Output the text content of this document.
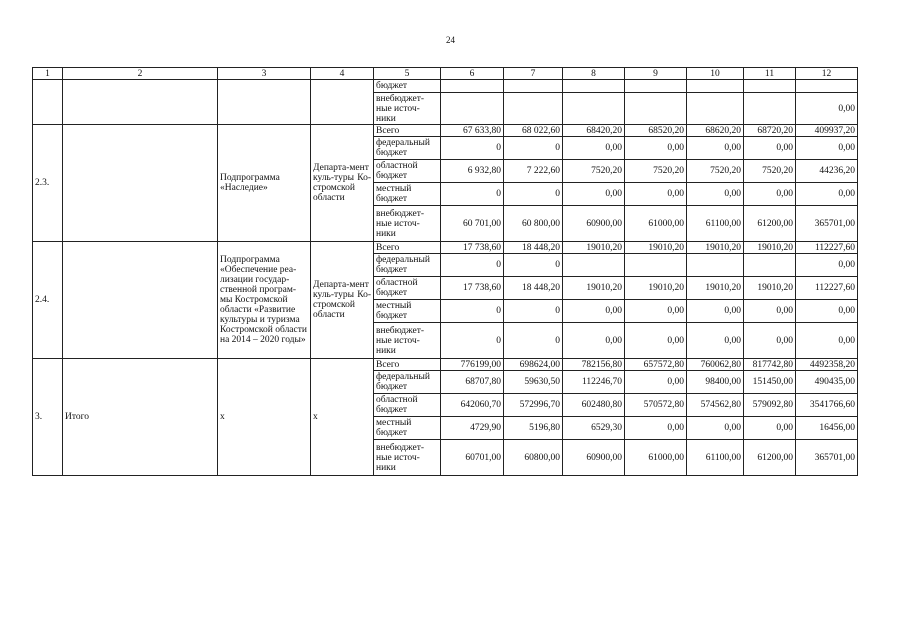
24
1	2	3	4	5	6	7	8	9	10	11	12
				бюджет							
				внебюджет-ные источ-ники							0,00
2.3.		Подпрограмма «Наследие»	Департа-мент куль-туры Ко-стромской области	Всего	67 633,80	68 022,60	68420,20	68520,20	68620,20	68720,20	409937,20
				федеральный бюджет	0	0	0,00	0,00	0,00	0,00	0,00
				областной бюджет	6 932,80	7 222,60	7520,20	7520,20	7520,20	7520,20	44236,20
				местный бюджет	0	0	0,00	0,00	0,00	0,00	0,00
				внебюджет-ные источ-ники	60 701,00	60 800,00	60900,00	61000,00	61100,00	61200,00	365701,00
2.4.		Подпрограмма «Обеспечение реа-лизации государ-ственной програм-мы Костромской области «Развитие культуры и туризма Костромской области на 2014 – 2020 годы»	Департа-мент куль-туры Ко-стромской области	Всего	17 738,60	18 448,20	19010,20	19010,20	19010,20	19010,20	112227,60
				федеральный бюджет	0	0					0,00
				областной бюджет	17 738,60	18 448,20	19010,20	19010,20	19010,20	19010,20	112227,60
				местный бюджет	0	0	0,00	0,00	0,00	0,00	0,00
				внебюджет-ные источ-ники	0	0	0,00	0,00	0,00	0,00	0,00
3.	Итого	х	х	Всего	776199,00	698624,00	782156,80	657572,80	760062,80	817742,80	4492358,20
				федеральный бюджет	68707,80	59630,50	112246,70	0,00	98400,00	151450,00	490435,00
				областной бюджет	642060,70	572996,70	602480,80	570572,80	574562,80	579092,80	3541766,60
				местный бюджет	4729,90	5196,80	6529,30	0,00	0,00	0,00	16456,00
				внебюджет-ные источ-ники	60701,00	60800,00	60900,00	61000,00	61100,00	61200,00	365701,00
